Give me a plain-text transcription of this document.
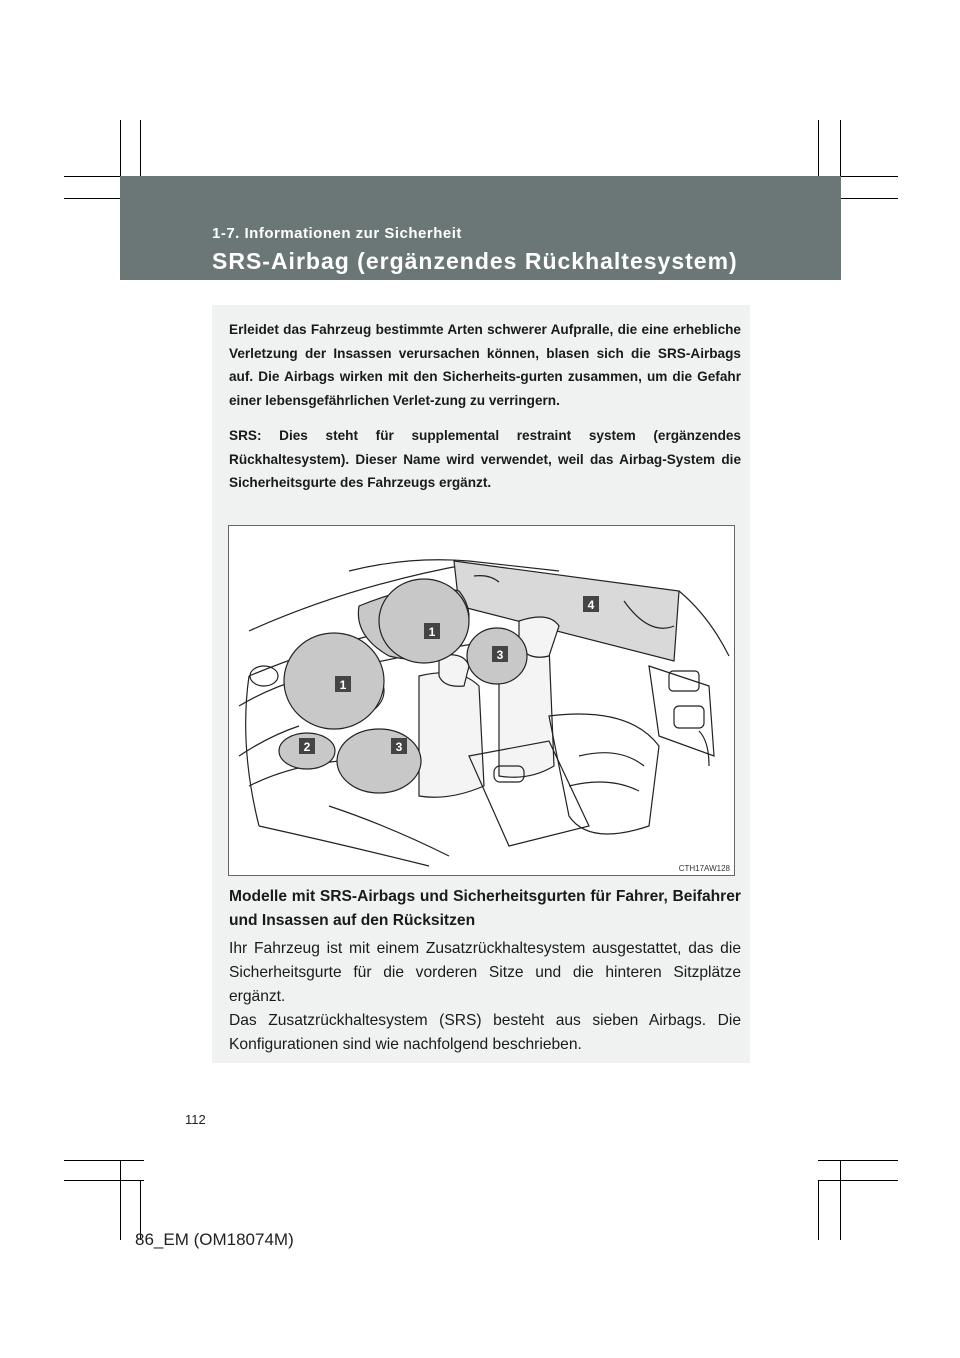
1-7. Informationen zur Sicherheit
SRS-Airbag (ergänzendes Rückhaltesystem)

Erleidet das Fahrzeug bestimmte Arten schwerer Aufpralle, die eine erhebliche Verletzung der Insassen verursachen können, blasen sich die SRS-Airbags auf. Die Airbags wirken mit den Sicherheits-gurten zusammen, um die Gefahr einer lebensgefährlichen Verlet-zung zu verringern.

SRS: Dies steht für supplemental restraint system (ergänzendes Rückhaltesystem). Dieser Name wird verwendet, weil das Airbag-System die Sicherheitsgurte des Fahrzeugs ergänzt.

1
1
2	3
3
4
CTH17AW128

Modelle mit SRS-Airbags und Sicherheitsgurten für Fahrer, Beifahrer und Insassen auf den Rücksitzen

Ihr Fahrzeug ist mit einem Zusatzrückhaltesystem ausgestattet, das die Sicherheitsgurte für die vorderen Sitze und die hinteren Sitzplätze ergänzt.

Das Zusatzrückhaltesystem (SRS) besteht aus sieben Airbags. Die Konfigurationen sind wie nachfolgend beschrieben.

112
86_EM (OM18074M)
